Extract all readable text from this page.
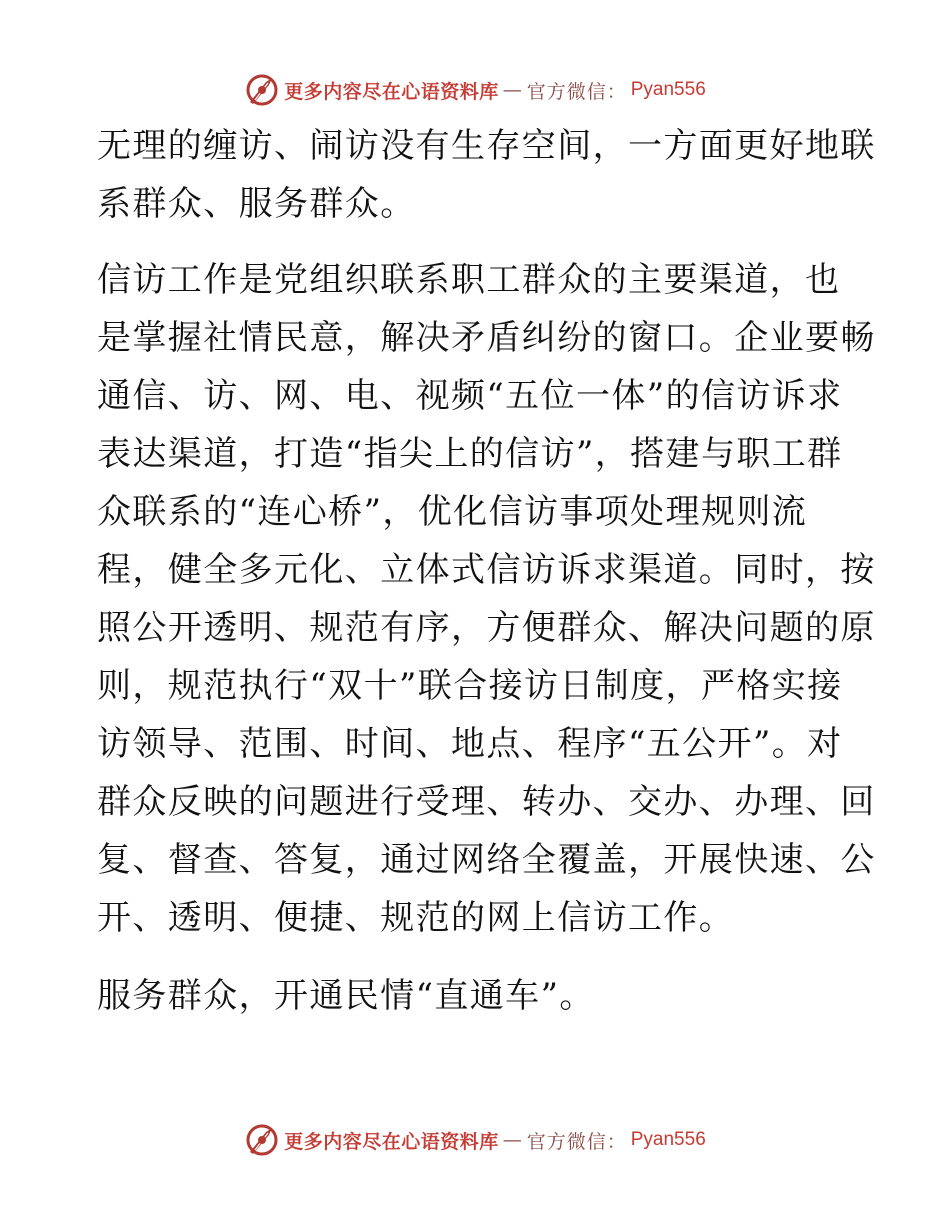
更多内容尽在心语资料库 — 官方微信： Pyan556
无理的缠访、闹访没有生存空间，一方面更好地联
系群众、服务群众。
信访工作是党组织联系职工群众的主要渠道，也
是掌握社情民意，解决矛盾纠纷的窗口。企业要畅
通信、访、网、电、视频“五位一体”的信访诉求
表达渠道，打造“指尖上的信访”，搭建与职工群
众联系的“连心桥”，优化信访事项处理规则流
程，健全多元化、立体式信访诉求渠道。同时，按
照公开透明、规范有序，方便群众、解决问题的原
则，规范执行“双十”联合接访日制度，严格实接
访领导、范围、时间、地点、程序“五公开”。对
群众反映的问题进行受理、转办、交办、办理、回
复、督查、答复，通过网络全覆盖，开展快速、公
开、透明、便捷、规范的网上信访工作。
服务群众，开通民情“直通车”。
更多内容尽在心语资料库 — 官方微信： Pyan556
